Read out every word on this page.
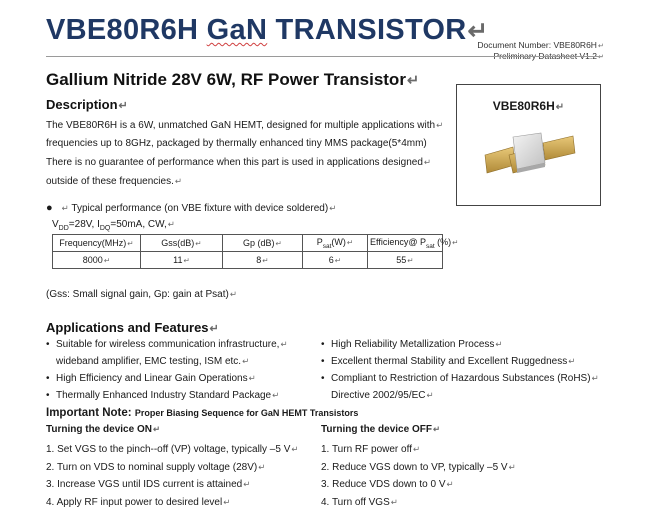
VBE80R6H GaN TRANSISTOR↵
Document Number: VBE80R6H↵
Preliminary Datasheet V1.2↵
Gallium Nitride 28V 6W, RF Power Transistor↵
Description↵
The VBE80R6H is a 6W, unmatched GaN HEMT, designed for multiple applications with↵
frequencies up to 8GHz, packaged by thermally enhanced tiny MMS package(5*4mm)
There is no guarantee of performance when this part is used in applications designed↵
outside of these frequencies.↵
VBE80R6H↵
● ↵ Typical performance (on VBE fixture with device soldered)↵
$V_{DD}=28V$, $I_{DQ}=50mA$, CW,↵
Frequency(MHz)↵	Gss(dB)↵	Gp (dB)↵	$P_{sat}(W)↵$	Efficiency@ $P_{sat}$ (%)↵
8000↵	11↵	8↵	6↵	55↵
(Gss: Small signal gain, Gp: gain at Psat)↵
Applications and Features↵
• Suitable for wireless communication infrastructure,↵
wideband amplifier, EMC testing, ISM etc.↵
• High Efficiency and Linear Gain Operations↵
• Thermally Enhanced Industry Standard Package↵
• High Reliability Metallization Process↵
• Excellent thermal Stability and Excellent Ruggedness↵
• Compliant to Restriction of Hazardous Substances (RoHS)↵
Directive 2002/95/EC↵
Important Note: Proper Biasing Sequence for GaN HEMT Transistors
Turning the device ON↵	Turning the device OFF↵
1. Set VGS to the pinch--off (VP) voltage, typically –5 V↵
2. Turn on VDS to nominal supply voltage (28V)↵
3. Increase VGS until IDS current is attained↵
4. Apply RF input power to desired level↵
1. Turn RF power off↵
2. Reduce VGS down to VP, typically –5 V↵
3. Reduce VDS down to 0 V↵
4. Turn off VGS↵
